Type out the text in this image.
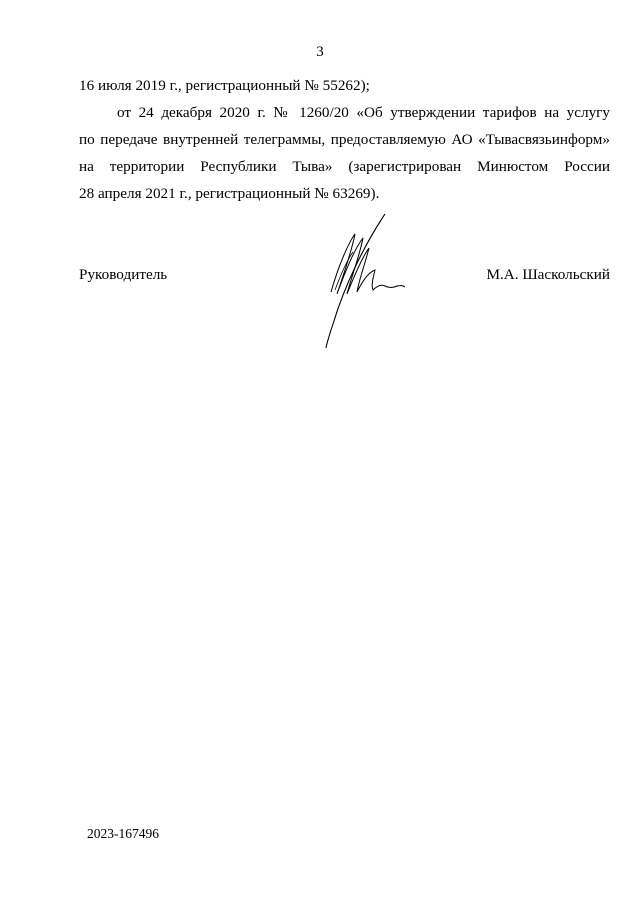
3
16 июля 2019 г., регистрационный № 55262);
от 24 декабря 2020 г. № 1260/20 «Об утверждении тарифов на услугу
по передаче внутренней телеграммы, предоставляемую АО «Тывасвязьинформ»
на территории Республики Тыва» (зарегистрирован Минюстом России
28 апреля 2021 г., регистрационный № 63269).
Руководитель	М.А. Шаскольский
2023-167496
